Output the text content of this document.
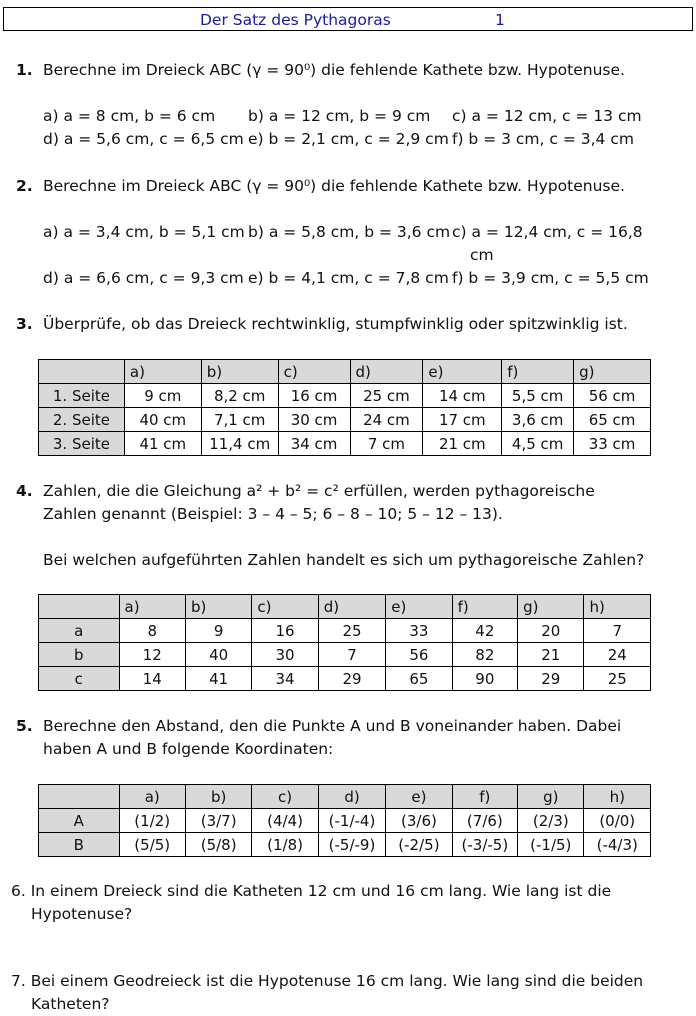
Der Satz des Pythagoras	1
1. Berechne im Dreieck ABC (γ = 90⁰) die fehlende Kathete bzw. Hypotenuse.
a) a = 8 cm, b = 6 cm b) a = 12 cm, b = 9 cm c) a = 12 cm, c = 13 cm
d) a = 5,6 cm, c = 6,5 cm e) b = 2,1 cm, c = 2,9 cm f) b = 3 cm, c = 3,4 cm
2. Berechne im Dreieck ABC (γ = 90⁰) die fehlende Kathete bzw. Hypotenuse.
a) a = 3,4 cm, b = 5,1 cm b) a = 5,8 cm, b = 3,6 cm c) a = 12,4 cm, c = 16,8
cm
d) a = 6,6 cm, c = 9,3 cm e) b = 4,1 cm, c = 7,8 cm f) b = 3,9 cm, c = 5,5 cm
3. Überprüfe, ob das Dreieck rechtwinklig, stumpfwinklig oder spitzwinklig ist.
	a)	b)	c)	d)	e)	f)	g)
1. Seite	9 cm	8,2 cm	16 cm	25 cm	14 cm	5,5 cm	56 cm
2. Seite	40 cm	7,1 cm	30 cm	24 cm	17 cm	3,6 cm	65 cm
3. Seite	41 cm	11,4 cm	34 cm	7 cm	21 cm	4,5 cm	33 cm
4. Zahlen, die die Gleichung a² + b² = c² erfüllen, werden pythagoreische
Zahlen genannt (Beispiel: 3 – 4 – 5; 6 – 8 – 10; 5 – 12 – 13).
Bei welchen aufgeführten Zahlen handelt es sich um pythagoreische Zahlen?
	a)	b)	c)	d)	e)	f)	g)	h)
a	8	9	16	25	33	42	20	7
b	12	40	30	7	56	82	21	24
c	14	41	34	29	65	90	29	25
5. Berechne den Abstand, den die Punkte A und B voneinander haben. Dabei
haben A und B folgende Koordinaten:
	a)	b)	c)	d)	e)	f)	g)	h)
A	(1/2)	(3/7)	(4/4)	(-1/-4)	(3/6)	(7/6)	(2/3)	(0/0)
B	(5/5)	(5/8)	(1/8)	(-5/-9)	(-2/5)	(-3/-5)	(-1/5)	(-4/3)
6. In einem Dreieck sind die Katheten 12 cm und 16 cm lang. Wie lang ist die
Hypotenuse?
7. Bei einem Geodreieck ist die Hypotenuse 16 cm lang. Wie lang sind die beiden
Katheten?
